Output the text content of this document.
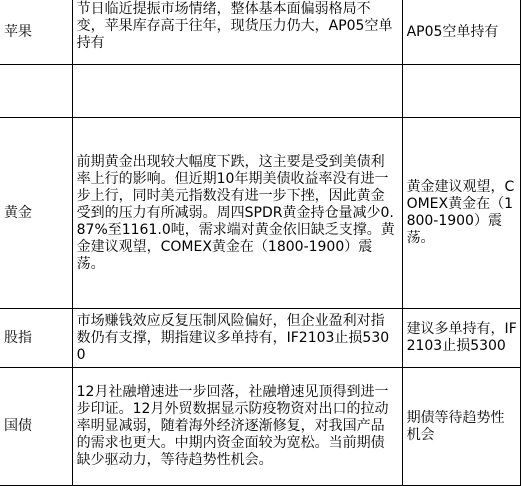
苹果	节日临近提振市场情绪，整体基本面偏弱格局不变，苹果库存高于往年，现货压力仍大，AP05空单持有	AP05空单持有

黄金	前期黄金出现较大幅度下跌，这主要是受到美债利率上行的影响。但近期10年期美债收益率没有进一步上行，同时美元指数没有进一步下挫，因此黄金受到的压力有所减弱。周四SPDR黄金持仓量减少0.87%至1161.0吨，需求端对黄金依旧缺乏支撑。黄金建议观望，COMEX黄金在（1800-1900）震荡。	黄金建议观望，COMEX黄金在（1800-1900）震荡。
股指	市场赚钱效应反复压制风险偏好，但企业盈利对指数仍有支撑，期指建议多单持有，IF2103止损5300	建议多单持有，IF2103止损5300
国债	12月社融增速进一步回落，社融增速见顶得到进一步印证。12月外贸数据显示防疫物资对出口的拉动率明显减弱，随着海外经济逐渐修复，对我国产品的需求也更大。中期内资金面较为宽松。当前期债缺少驱动力，等待趋势性机会。	期债等待趋势性机会
